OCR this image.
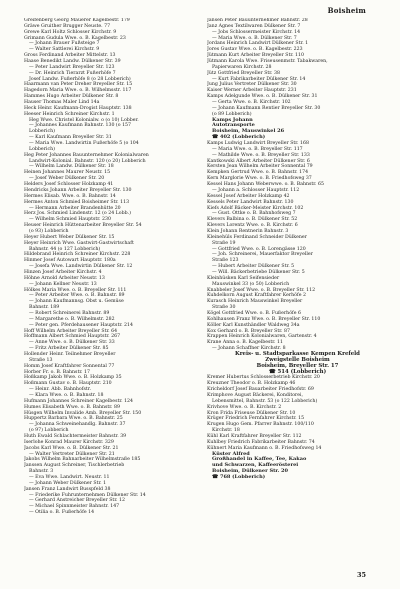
Boisheim
Greifenberg Georg Mauerer Kagelbestr. 179
Gräwe Gruither Brugger Neuste. 77
Grewe Karl Holtz Schlosser Kirchstr. 9
Grimann Gudula Wwe. o. B. Kagelbestr. 23
— Johann Brauer Fußsteige 7
— Walter Sattlerei Kirchstr. 9
Gross Ferdinand Arbeiter Mittelstr. 13
Haase Benedikt Landw. Dülkener Str. 39
— Peter Landwirt Breyeller Str. 123
— Dr. Heinrich Tierarzt Fußerhöfe 7
Josef Landw. Fußerhöfe 8 (o 28 Lobberich)
Haarmann van Peter Dreher Breyeller Str. 15
Hagedorn Maria Wwe. o. B. Wilhelmsstr. 117
Hammes Hugo Arbeiter Dülkener Str. 8
Hauser Thomas Maler Lind 14a
Heck Heinr. Kaufmann-Drogist Hauptstr. 138
Heeser Heinrich Schreiner Kirchstr. 1
Heg Wwe. Christel Kolonialw. o (o 10) Lobber.
— Johannes Kaufmann Bahnstr. 130 (o 157
Lobberich)
— Karl Kaufmann Breyeller Str. 31
— Maria Wwe. Landwirtin Fußerhöfe 5 (o 104
Lobberich)
Heg Peter Johannes Bauunternehmer Kolonialwaren
Landwirt-Kolonial. Bahnstr. 120 (o 20) Lobberich
— Wilhelm Landw. Dülkener Str. 18
Heinen Johannes Maurer Neustr. 15
— Josef Weber Dülkener Str. 20
Helders Josef Schlosser Holzkamp 41
Hendricks Johann Arbeiter Breyeller Str. 130
Hermes Elisab. Wwe. o. B. Bahnstr. 14
Hermes Anton Schmied Boisheimer Str. 113
— Hermann Arbeiter Brandenhütte 20
Herz Jos. Schmied Lindenstr. 12 (o 24 Lobb.)
— Wilhelm Schmied Hauptstr. 230
Heuser Heinrich Hüttenarbeiter Breyeller Str. 54
(o 93) Lobberich
Heyer Hubert Weber Dülkener Str. 15
Heyer Heinrich Wwe. Gastwirt-Gastwirtschaft
Bahnstr. 44 (o 127 Lobberich)
Hildebrand Heinrich Schreiner Kirchstr. 228
Hinmer Josef Autowart Hauptstr. 180a
— Josefa Wwe. Landwirtin Dülkener Str. 12
Hinzen Josef Arbeiter Kirchstr. 4
Höhne Arnold Arbeiter Neustr. 13
— Johann Kellner Neustr. 13
Hölkes Maria Wwe. o. B. Breyeller Str. 111
— Peter Arbeiter Wwe. o. B. Bahnstr. 89
— Johann Kaufmannsg. Obst u. Gemüse
Bahnstr. 189
— Robert Schreinerei Bahnstr. 89
— Margarethe o. B. Wilhelmstr. 282
— Peter gen. Pferdehausener Hauptstr. 214
Hoff Wilhelm Arbeiter Breyeller Str. 64
Hoffmann Albert Schmied Hauptstr. 267
— Anne Wwe. o. B. Dülkener Str. 33
— Fritz Arbeiter Dülkener Str. 85
Hollender Heinr. Teilnehmer Breyeller
Straße 13
Homm Josef Kraftfahrer Sonnental 77
Horber Fr. o. B. Bahnstr. 17
Hoßkamp Jakob Wwe. o. B. Holzkamp 35
Hoßmann Gustav o. B. Hauptstr. 210
— Heinr. Abb. Bahnhofstr.
— Klara Wwe. o. B. Bahnstr. 18
Hufmann Johannes Schreiner Kagelbestr. 124
Humes Elisabeth Wwe. o. B. Bahnstr. 89
Hüsgen Wilhelm Invalide Amb. Breyeller Str. 150
Huppertz Barbara Wwe. o. B. Bahnstr. 25
— Johanna Schweinehandlg. Bahnstr. 37
(o 97) Lobberich
Huth Ewald Schlachtermeister Bahnstr. 39
Iserlohe Konrad Maurer Kirchstr. 329
Jacobs Karl Wwe. o. B. Dülkener Str. 21
— Walter Vertreter Dülkener Str. 21
Jakobs Wilhelm Bahnarbeiter Wilhelmstraße 185
Janssen August Schreiner, Tischlerbetrieb
Bahnstr. 3
— Eva Wwe. Landwirt. Neustr. 11
— Johann Weber Dülkener Str. 1
Jansen Franz Landwirt Busspfeld 38
— Friederike Fuhrunternehmen Dülkener Str. 14
— Gerhard Anstreicher Breyeller Str. 12
— Michael Spinnmeister Bahnstr. 147
— Otilia o. B. Fußerhöfe 14
Jansen Peter Bauunternehmer Bahnstr. 28
Janz Agnes Textilwaren Dülkener Str. 7
— Jobs Schlossermeister Kirchstr. 14
— Maria Wwe. o. B. Dülkener Str. 7
Jordans Heinrich Landwirt Dülkener Str. 1
Jores Gustav Wwe. o. B. Kagelbestr. 223
Jütmann Kurt Arbeiter Breyeller Str. 110
Jütmann Karola Wwe. Friseusenmstr. Tabakwaren,
Papierwaren Kirchstr. 28
Jütz Gottfried Breyeller Str. 38
— Kurt Fabrikarbeiter Dülkener Str. 14
Jung Julius Vertreter Dülkener Str. 30
Kaiser Werner Arbeiter Hauptstr. 231
Kamps Adelgunde Wwe. o. B. Dülkener Str. 31
— Gerta Wwe. o. B. Kirchstr. 102
— Johann Kaufmann Rentier Breyeller Str. 30
(o 89 Lobberich)
Kamps Johann
Autotransporte
Boisheim, Mauswinkel 26
☎ 402 (Lobberich)
Kamps Ludwig Landwirt Breyeller Str. 168
— Maria Wwe. o. B. Breyeller Str. 117
— Mathilde Wwe. o. B. Breyeller Str. 133
Kantkowski Albert Arbeiter Dülkener Str. 6
Kersten Jean Wilhelm Arbeiter Sonnental 79
Kempken Gertrud Wwe. o. B. Bahnstr. 174
Kern Marglorie Wwe. o. B. Friedhofsweg 37
Kessel Hans Johann Weberwwe. o. B. Bahnstr. 65
— Johann a. Schlosser Hauptstr. 112
Kessel Josef Arbeiter Holzkamp 42
Kessels Peter Landwirt Bahnstr. 130
Kiefs Adolf Bäcker-Meister Kirchstr. 102
— Gust. Ottke o. B. Bahnhofsweg 7
Klevers Balbina o. B. Dülkener Str. 52
Klevers Lorentz Wwe. o. B. Kirchstr. 6
Klein Johann Rentnerin Bahnstr. 3
Kleinehüls Ferdinand Schneider Dülkener
Straße 19
— Gottfried Wwe. o. B. Lorengässe 120
— Joh. Schreinerei, Mauerfaktor Breyeller
Straße 123
— Hubert Arbeiter Dülkener Str. 5
— Will. Bäckerbetriebe Dülkener Str. 5
Kleinhüsken Karl Seifensieder
Mauswinkel 33 (o 50) Lobberich
Knabbeler Josef Wwe. o. B. Breyeller Str. 112
Kuhdelkorn August Kraftfahrer Kerhöfe 2
Kurasch Heinrich Mauswinkel Breyeller
Straße 30
Kögel Gottfried Wwe. o. B. Fußerhöfe 6
Kohlhausen Franz Wwe. o. B. Breyeller Str. 110
Köller Karl Kunsthändler Waldweg 34a
Kox Gerhard o. B. Breyeller Str. 87
Krappen Heinrich Kolonialwaren, Gartenstr. 4
Krane Anna o. B. Kagelbestr. 11
— Johann Schaffner Kirchstr. 8
Kreis- u. Stadtsparkasse Kempen Krefeld
Zweigstelle Boisheim
Boisheim, Breyeller Str. 17
☎ 514 (Lobberich)
Kremer Hubertus Schlosserbetrieb Kirchstr. 20
Kreuzner Theodor o. B. Holzkamp 46
Kricheldorf Josef Bauarbeiter Friedhofstr. 69
Krimphove August Bäckerei, Konditorei,
Lebensmittel, Bahnstr. 53 (o 122 Lobberich)
Krivhove Wwe. o. B. Kirchstr. 2
Kron Frida Friseuse Dülkener Str. 10
Krüger Friedrich Fernfahrer Kirchstr. 15
Krugen Hugo Gem. Pfarrer Bahnstr. 100/110
Kirchstr. 18
Kühl Karl Kraftfahrer Breyeller Str. 112
Kuhlbey Friedrich Fabrikarbeiter Bahnstr. 74
Kühnert Maria Kaufmann o. B. Friedhofsweg 14
Küster Alfred
Großhandel in Kaffee, Tee, Kakao
und Schwarzen, Kaffeerösterei
Boisheim, Dülkener Str. 20
☎ 768 (Lobberich)
35
